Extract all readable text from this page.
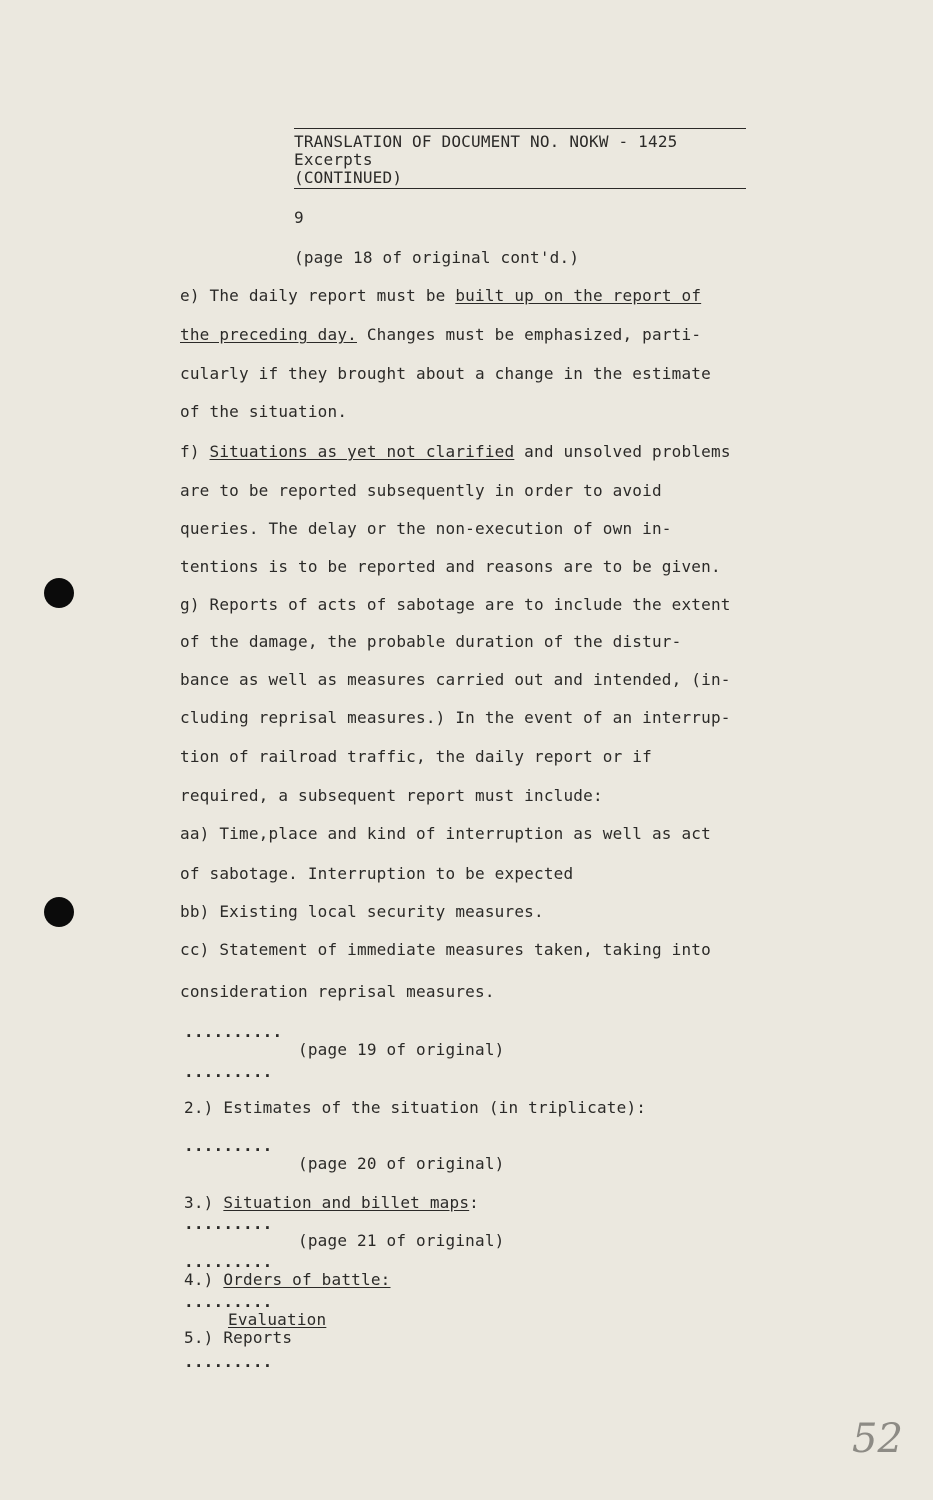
TRANSLATION OF DOCUMENT NO. NOKW - 1425
Excerpts
(CONTINUED)
9
(page 18 of original cont'd.)
e) The daily report must be built up on the report of
the preceding day. Changes must be emphasized, parti-
cularly if they brought about a change in the estimate
of the situation.
f) Situations as yet not clarified and unsolved problems
are to be reported subsequently in order to avoid
queries. The delay or the non-execution of own in-
tentions is to be reported and reasons are to be given.
g) Reports of acts of sabotage are to include the extent
of the damage, the probable duration of the distur-
bance as well as measures carried out and intended, (in-
cluding reprisal measures.) In the event of an interrup-
tion of railroad traffic, the daily report or if
required, a subsequent report must include:
aa) Time,place and kind of interruption as well as act
of sabotage. Interruption to be expected
bb) Existing local security measures.
cc) Statement of immediate measures taken, taking into
consideration reprisal measures.
..........
(page 19 of original)
.........
2.) Estimates of the situation (in triplicate):
.........
(page 20 of original)
3.) Situation and billet maps:
.........
(page 21 of original)
.........
4.) Orders of battle:
.........
Evaluation
5.) Reports
.........
52
